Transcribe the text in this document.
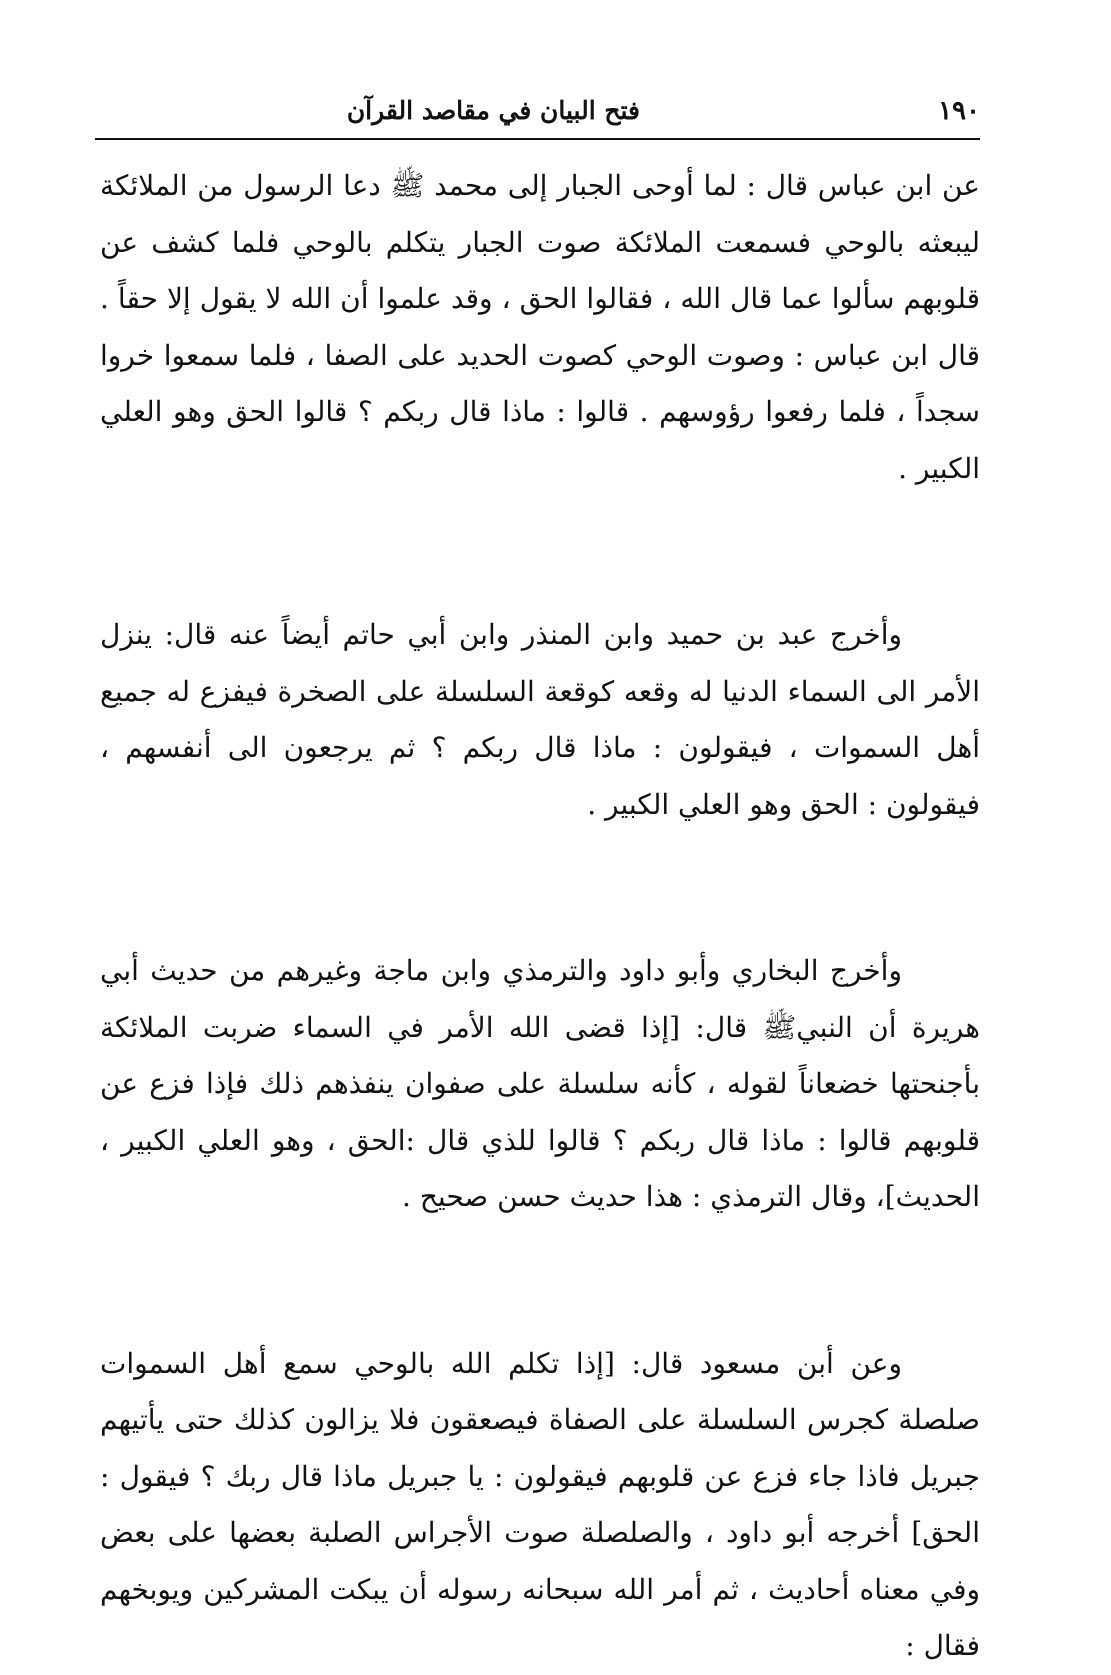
١٩٠
فتح البيان في مقاصد القرآن

عن ابن عباس قال : لما أوحى الجبار إلى محمد ﷺ دعا الرسول من الملائكة ليبعثه بالوحي فسمعت الملائكة صوت الجبار يتكلم بالوحي فلما كشف عن قلوبهم سألوا عما قال الله ، فقالوا الحق ، وقد علموا أن الله لا يقول إلا حقاً . قال ابن عباس : وصوت الوحي كصوت الحديد على الصفا ، فلما سمعوا خروا سجداً ، فلما رفعوا رؤوسهم . قالوا : ماذا قال ربكم ؟ قالوا الحق وهو العلي الكبير .

وأخرج عبد بن حميد وابن المنذر وابن أبي حاتم أيضاً عنه قال: ينزل الأمر الى السماء الدنيا له وقعه كوقعة السلسلة على الصخرة فيفزع له جميع أهل السموات ، فيقولون : ماذا قال ربكم ؟ ثم يرجعون الى أنفسهم ، فيقولون : الحق وهو العلي الكبير .

وأخرج البخاري وأبو داود والترمذي وابن ماجة وغيرهم من حديث أبي هريرة أن النبيﷺ قال: [إذا قضى الله الأمر في السماء ضربت الملائكة بأجنحتها خضعاناً لقوله ، كأنه سلسلة على صفوان ينفذهم ذلك فإذا فزع عن قلوبهم قالوا : ماذا قال ربكم ؟ قالوا للذي قال :الحق ، وهو العلي الكبير ، الحديث]، وقال الترمذي : هذا حديث حسن صحيح .

وعن أبن مسعود قال: [إذا تكلم الله بالوحي سمع أهل السموات صلصلة كجرس السلسلة على الصفاة فيصعقون فلا يزالون كذلك حتى يأتيهم جبريل فاذا جاء فزع عن قلوبهم فيقولون : يا جبريل ماذا قال ربك ؟ فيقول : الحق] أخرجه أبو داود ، والصلصلة صوت الأجراس الصلبة بعضها على بعض وفي معناه أحاديث ، ثم أمر الله سبحانه رسوله أن يبكت المشركين ويوبخهم فقال :
